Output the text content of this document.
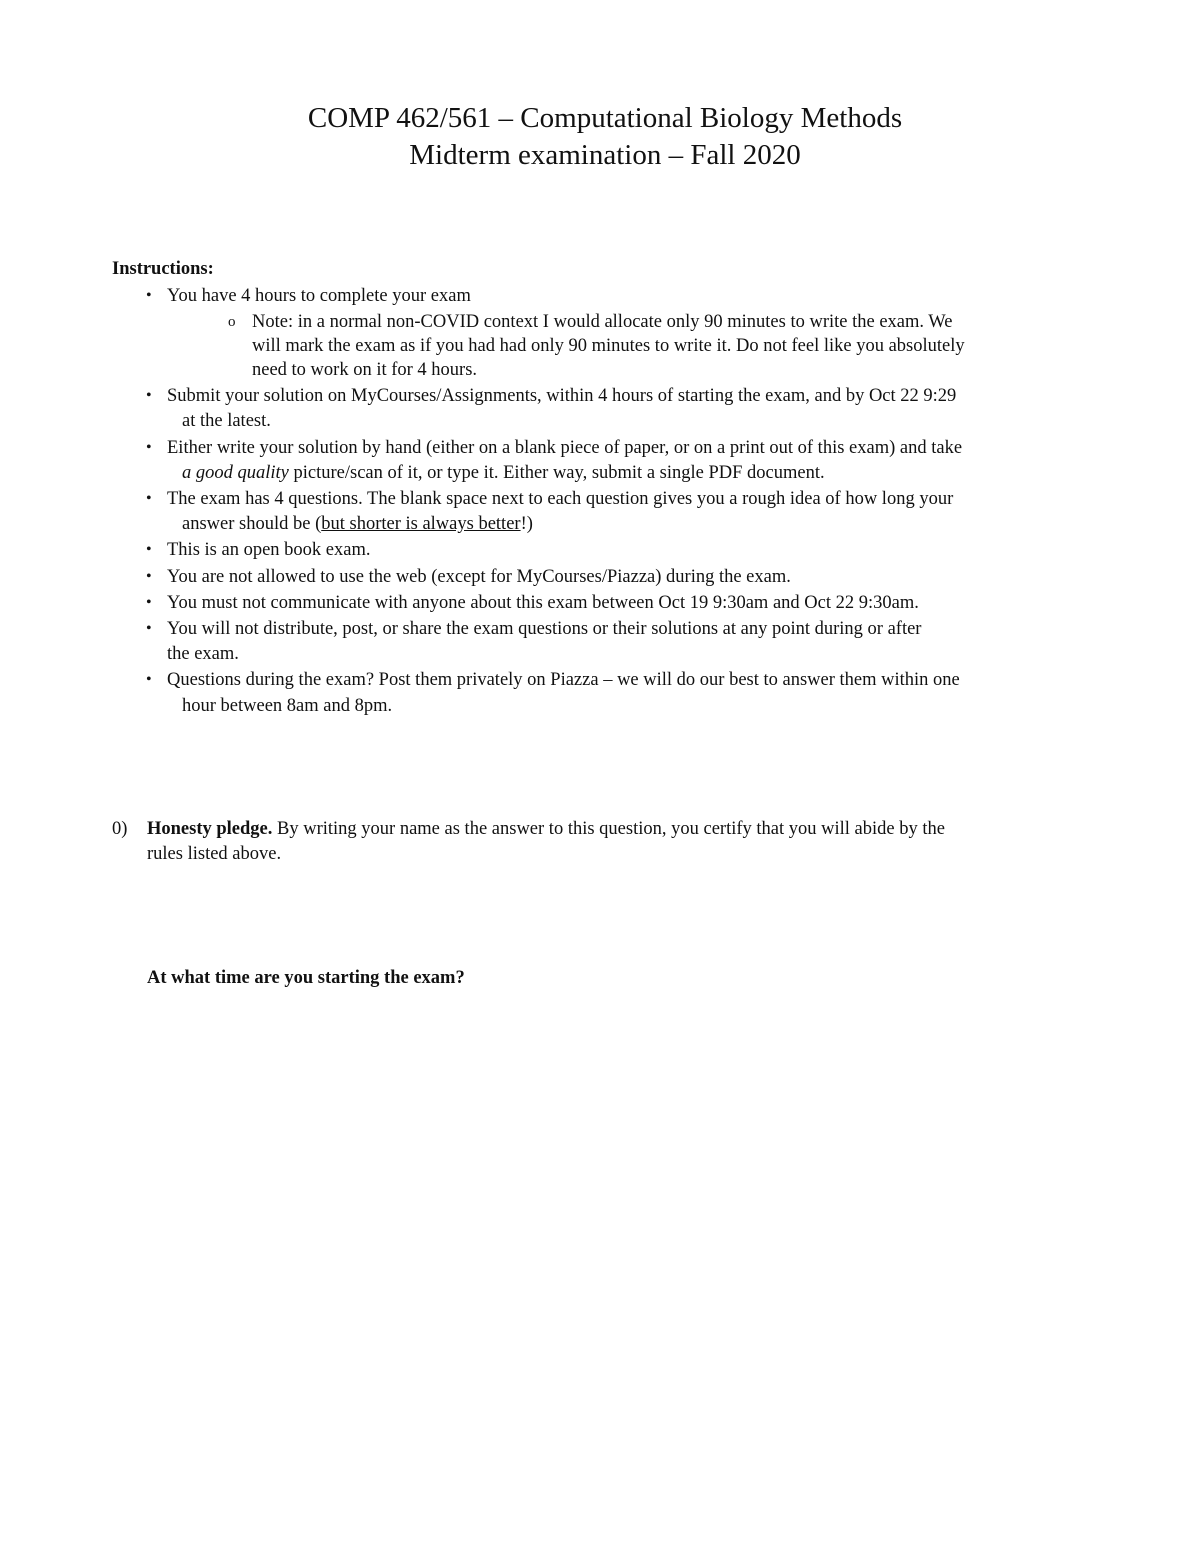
COMP 462/561 – Computational Biology Methods
Midterm examination – Fall 2020
Instructions:
• You have 4 hours to complete your exam
o Note: in a normal non-COVID context I would allocate only 90 minutes to write the exam. We
will mark the exam as if you had had only 90 minutes to write it. Do not feel like you absolutely
need to work on it for 4 hours.
• Submit your solution on MyCourses/Assignments, within 4 hours of starting the exam, and by Oct 22 9:29
at the latest.
• Either write your solution by hand (either on a blank piece of paper, or on a print out of this exam) and take
a good quality picture/scan of it, or type it. Either way, submit a single PDF document.
• The exam has 4 questions. The blank space next to each question gives you a rough idea of how long your
answer should be (but shorter is always better!)
• This is an open book exam.
• You are not allowed to use the web (except for MyCourses/Piazza) during the exam.
• You must not communicate with anyone about this exam between Oct 19 9:30am and Oct 22 9:30am.
• You will not distribute, post, or share the exam questions or their solutions at any point during or after
the exam.
• Questions during the exam? Post them privately on Piazza – we will do our best to answer them within one
hour between 8am and 8pm.
0) Honesty pledge. By writing your name as the answer to this question, you certify that you will abide by the
rules listed above.
At what time are you starting the exam?
